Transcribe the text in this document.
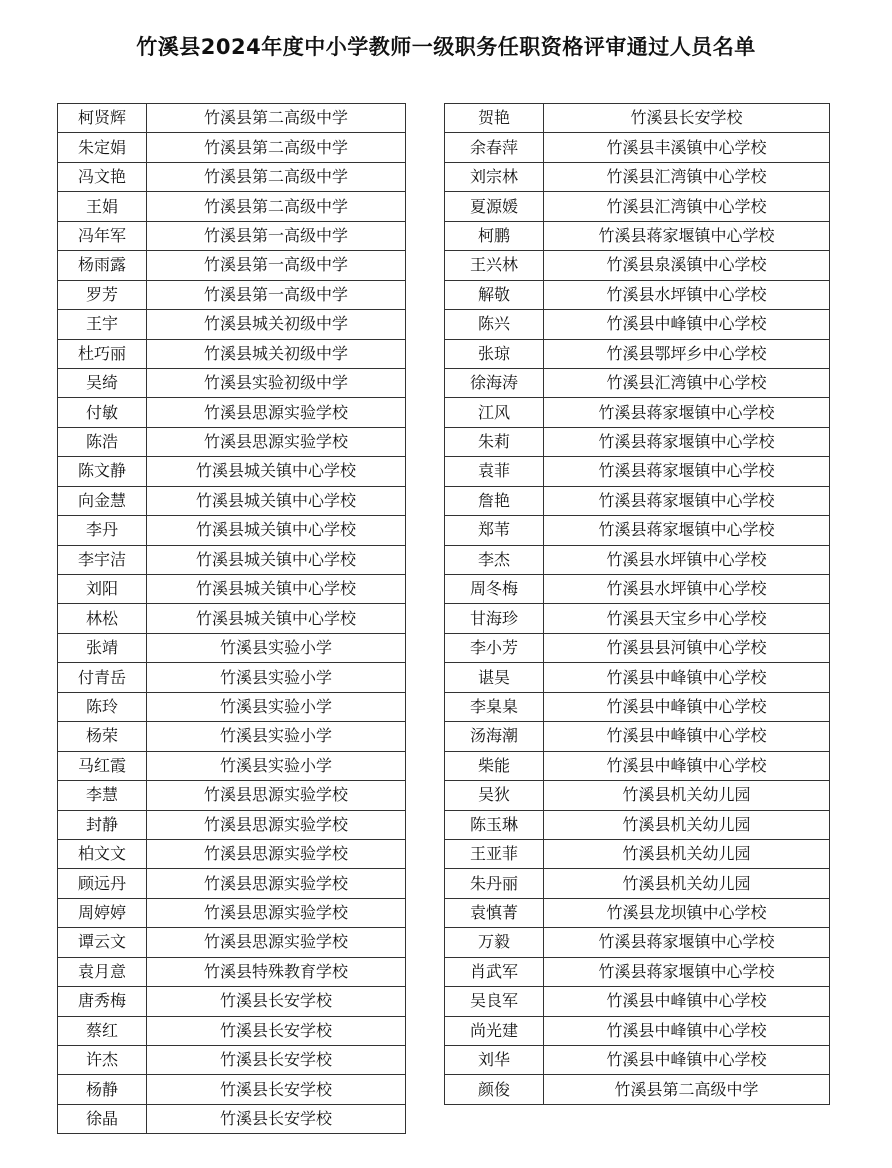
竹溪县2024年度中小学教师一级职务任职资格评审通过人员名单
柯贤辉	竹溪县第二高级中学
朱定娟	竹溪县第二高级中学
冯文艳	竹溪县第二高级中学
王娟	竹溪县第二高级中学
冯年军	竹溪县第一高级中学
杨雨露	竹溪县第一高级中学
罗芳	竹溪县第一高级中学
王宇	竹溪县城关初级中学
杜巧丽	竹溪县城关初级中学
吴绮	竹溪县实验初级中学
付敏	竹溪县思源实验学校
陈浩	竹溪县思源实验学校
陈文静	竹溪县城关镇中心学校
向金慧	竹溪县城关镇中心学校
李丹	竹溪县城关镇中心学校
李宇洁	竹溪县城关镇中心学校
刘阳	竹溪县城关镇中心学校
林松	竹溪县城关镇中心学校
张靖	竹溪县实验小学
付青岳	竹溪县实验小学
陈玲	竹溪县实验小学
杨荣	竹溪县实验小学
马红霞	竹溪县实验小学
李慧	竹溪县思源实验学校
封静	竹溪县思源实验学校
柏文文	竹溪县思源实验学校
顾远丹	竹溪县思源实验学校
周婷婷	竹溪县思源实验学校
谭云文	竹溪县思源实验学校
袁月意	竹溪县特殊教育学校
唐秀梅	竹溪县长安学校
蔡红	竹溪县长安学校
许杰	竹溪县长安学校
杨静	竹溪县长安学校
徐晶	竹溪县长安学校
贺艳	竹溪县长安学校
余春萍	竹溪县丰溪镇中心学校
刘宗林	竹溪县汇湾镇中心学校
夏源媛	竹溪县汇湾镇中心学校
柯鹏	竹溪县蒋家堰镇中心学校
王兴林	竹溪县泉溪镇中心学校
解敬	竹溪县水坪镇中心学校
陈兴	竹溪县中峰镇中心学校
张琼	竹溪县鄂坪乡中心学校
徐海涛	竹溪县汇湾镇中心学校
江风	竹溪县蒋家堰镇中心学校
朱莉	竹溪县蒋家堰镇中心学校
袁菲	竹溪县蒋家堰镇中心学校
詹艳	竹溪县蒋家堰镇中心学校
郑苇	竹溪县蒋家堰镇中心学校
李杰	竹溪县水坪镇中心学校
周冬梅	竹溪县水坪镇中心学校
甘海珍	竹溪县天宝乡中心学校
李小芳	竹溪县县河镇中心学校
谌昊	竹溪县中峰镇中心学校
李臬臬	竹溪县中峰镇中心学校
汤海潮	竹溪县中峰镇中心学校
柴能	竹溪县中峰镇中心学校
吴狄	竹溪县机关幼儿园
陈玉琳	竹溪县机关幼儿园
王亚菲	竹溪县机关幼儿园
朱丹丽	竹溪县机关幼儿园
袁慎菁	竹溪县龙坝镇中心学校
万毅	竹溪县蒋家堰镇中心学校
肖武军	竹溪县蒋家堰镇中心学校
吴良军	竹溪县中峰镇中心学校
尚光建	竹溪县中峰镇中心学校
刘华	竹溪县中峰镇中心学校
颜俊	竹溪县第二高级中学
